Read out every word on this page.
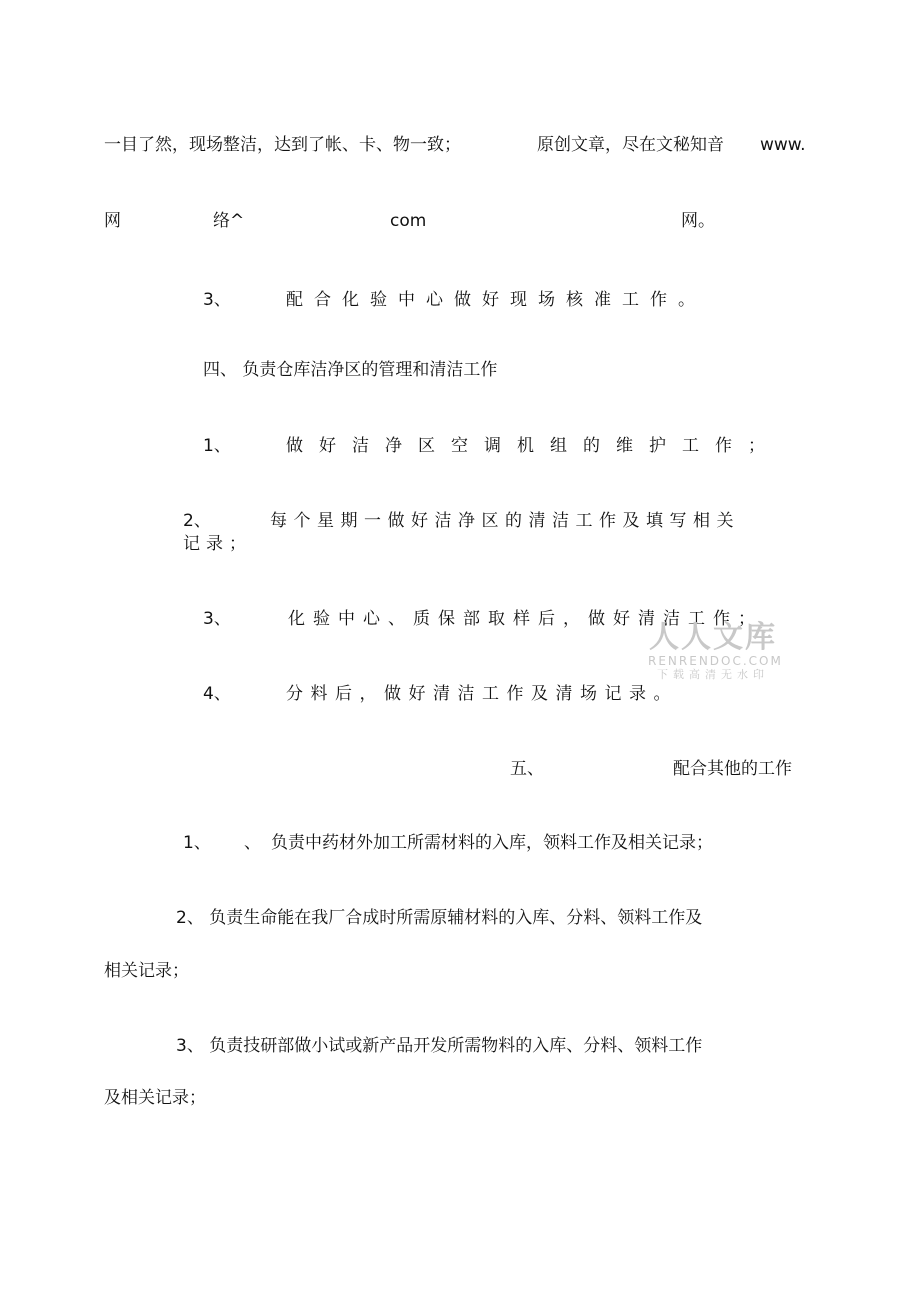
一目了然，现场整洁，达到了帐、卡、物一致；	原创文章，尽在文秘知音 www.
网	络^	com	网。
3、	配合化验中心做好现场核准工作。
四、 负责仓库洁净区的管理和清洁工作
1、	做好洁净区空调机组的维护工作；
2、	每个星期一做好洁净区的清洁工作及填写相关
记录；
3、	化验中心、质保部取样后，做好清洁工作；
4、	分料后，做好清洁工作及清场记录。
五、	配合其他的工作
1、 、 负责中药材外加工所需材料的入库，领料工作及相关记录；
2、 负责生命能在我厂合成时所需原辅材料的入库、分料、领料工作及
相关记录；
3、 负责技研部做小试或新产品开发所需物料的入库、分料、领料工作
及相关记录；
人人文库
RENRENDOC.COM
下载高清无水印
